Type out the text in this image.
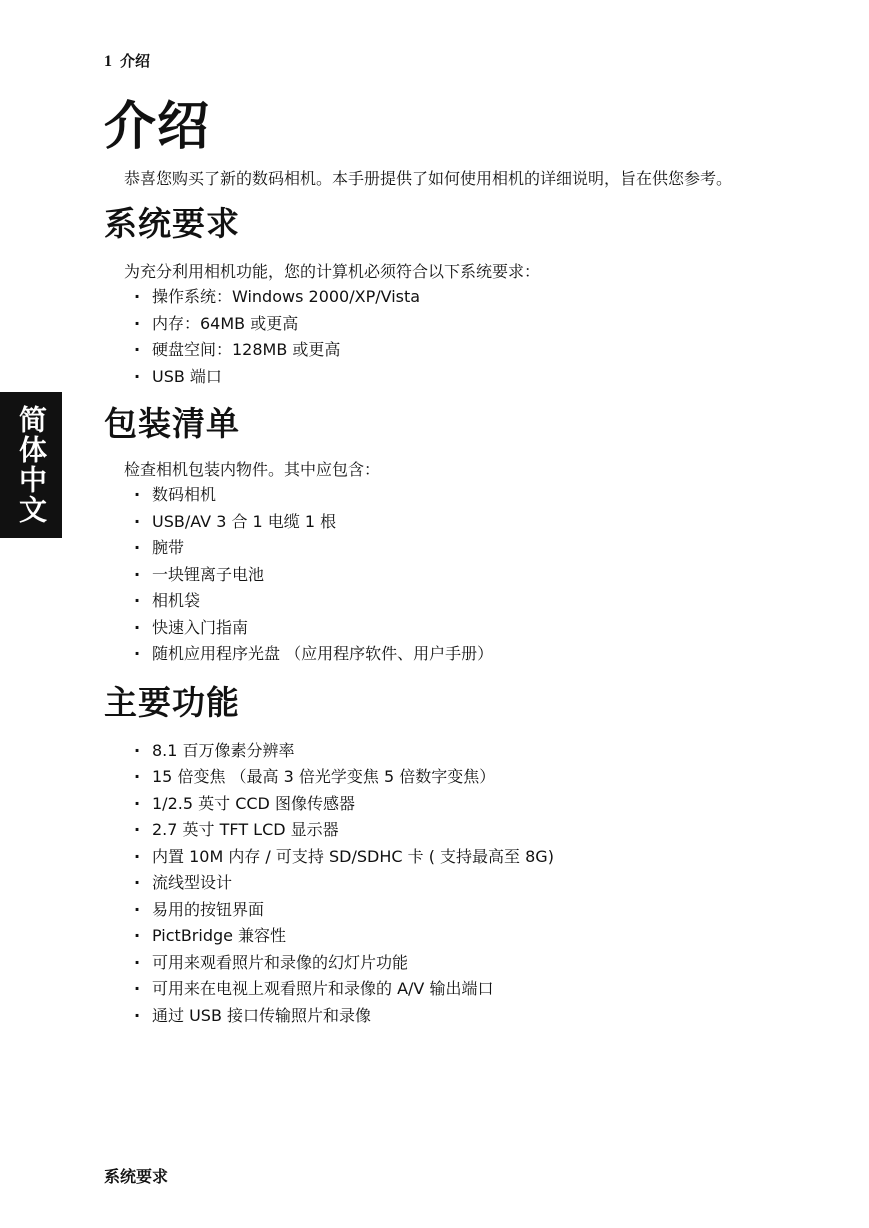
1 介绍
简体中文
介绍

恭喜您购买了新的数码相机。本手册提供了如何使用相机的详细说明，旨在供您参考。

系统要求

为充分利用相机功能，您的计算机必须符合以下系统要求：

· 操作系统：Windows 2000/XP/Vista
· 内存：64MB 或更高
· 硬盘空间：128MB 或更高
· USB 端口
包装清单

检查相机包装内物件。其中应包含：

· 数码相机
· USB/AV 3 合 1 电缆 1 根
· 腕带
· 一块锂离子电池
· 相机袋
· 快速入门指南
· 随机应用程序光盘 （应用程序软件、用户手册）
主要功能
· 8.1 百万像素分辨率
· 15 倍变焦 （最高 3 倍光学变焦 5 倍数字变焦）
· 1/2.5 英寸 CCD 图像传感器
· 2.7 英寸 TFT LCD 显示器
· 内置 10M 内存 / 可支持 SD/SDHC 卡 ( 支持最高至 8G)
· 流线型设计
· 易用的按钮界面
· PictBridge 兼容性
· 可用来观看照片和录像的幻灯片功能
· 可用来在电视上观看照片和录像的 A/V 输出端口
· 通过 USB 接口传输照片和录像
系统要求
